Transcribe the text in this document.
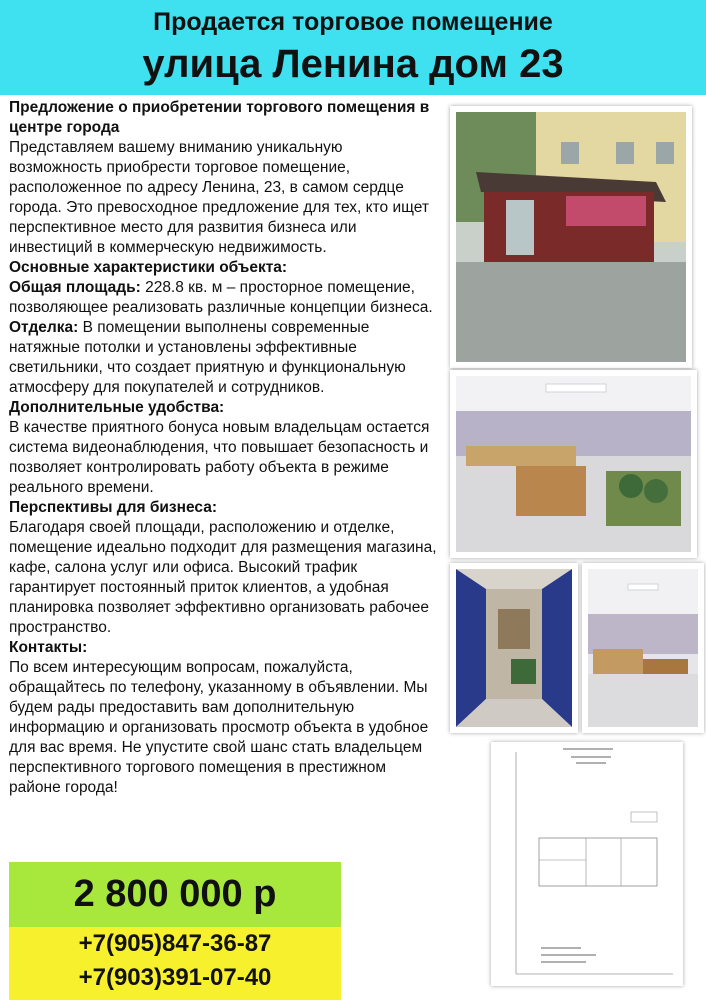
Продается торговое помещение
улица Ленина дом 23

Предложение о приобретении торгового помещения в центре города

Представляем вашему вниманию уникальную возможность приобрести торговое помещение, расположенное по адресу Ленина, 23, в самом сердце города. Это превосходное предложение для тех, кто ищет перспективное место для развития бизнеса или инвестиций в коммерческую недвижимость.

Основные характеристики объекта:

Общая площадь: 228.8 кв. м – просторное помещение, позволяющее реализовать различные концепции бизнеса.

Отделка: В помещении выполнены современные натяжные потолки и установлены эффективные светильники, что создает приятную и функциональную атмосферу для покупателей и сотрудников.

Дополнительные удобства:

В качестве приятного бонуса новым владельцам остается система видеонаблюдения, что повышает безопасность и позволяет контролировать работу объекта в режиме реального времени.

Перспективы для бизнеса:

Благодаря своей площади, расположению и отделке, помещение идеально подходит для размещения магазина, кафе, салона услуг или офиса. Высокий трафик гарантирует постоянный приток клиентов, а удобная планировка позволяет эффективно организовать рабочее пространство.

Контакты:

По всем интересующим вопросам, пожалуйста, обращайтесь по телефону, указанному в объявлении. Мы будем рады предоставить вам дополнительную информацию и организовать просмотр объекта в удобное для вас время. Не упустите свой шанс стать владельцем перспективного торгового помещения в престижном районе города!

2 800 000 р
+7(905)847-36-87
+7(903)391-07-40
